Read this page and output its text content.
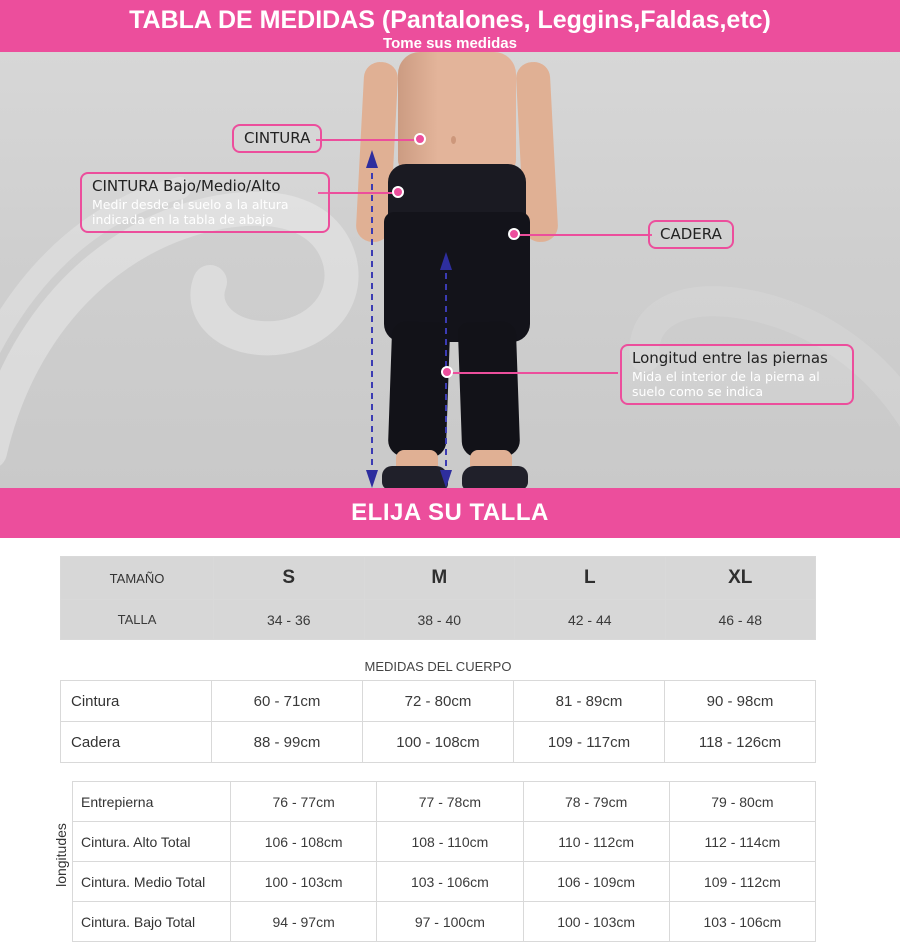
TABLA DE MEDIDAS (Pantalones, Leggins,Faldas,etc)
Tome sus medidas
CINTURA
CINTURA Bajo/Medio/Alto
Medir desde el suelo a la altura indicada en la tabla de abajo
CADERA
Longitud entre las piernas
Mida el interior de la pierna al suelo como se indica
ELIJA SU TALLA
TAMAÑO	S	M	L	XL
TALLA	34 - 36	38 - 40	42 - 44	46 - 48
MEDIDAS DEL CUERPO				
Cintura	60 - 71cm	72 - 80cm	81 - 89cm	90 - 98cm
Cadera	88 - 99cm	100 - 108cm	109 - 117cm	118 - 126cm
longitudes
Entrepierna	76 - 77cm	77 - 78cm	78 - 79cm	79 - 80cm
Cintura. Alto Total	106 - 108cm	108 - 110cm	110 - 112cm	112 - 114cm
Cintura. Medio Total	100 - 103cm	103 - 106cm	106 - 109cm	109 - 112cm
Cintura. Bajo Total	94 - 97cm	97 - 100cm	100 - 103cm	103 - 106cm
